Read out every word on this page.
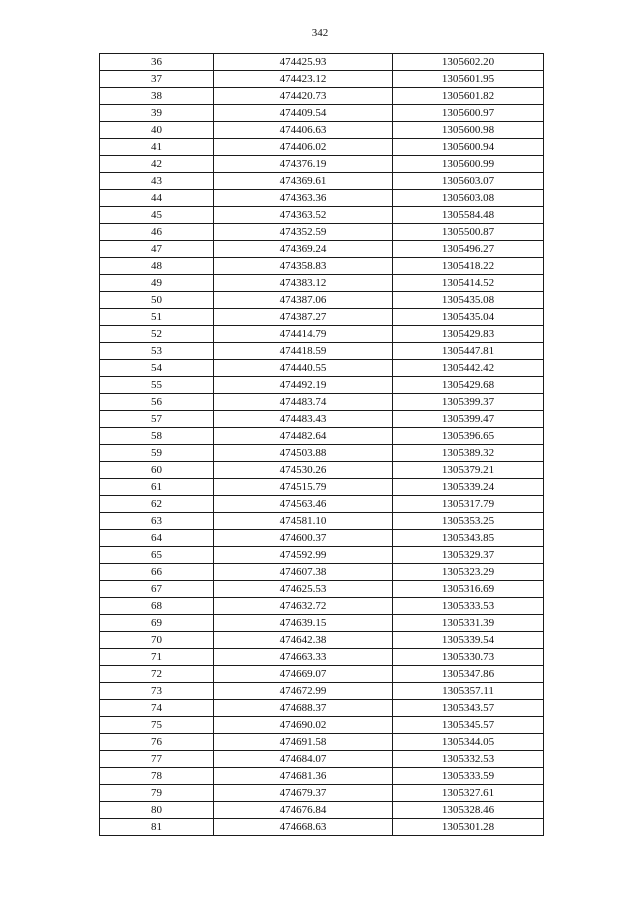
342
36	474425.93	1305602.20
37	474423.12	1305601.95
38	474420.73	1305601.82
39	474409.54	1305600.97
40	474406.63	1305600.98
41	474406.02	1305600.94
42	474376.19	1305600.99
43	474369.61	1305603.07
44	474363.36	1305603.08
45	474363.52	1305584.48
46	474352.59	1305500.87
47	474369.24	1305496.27
48	474358.83	1305418.22
49	474383.12	1305414.52
50	474387.06	1305435.08
51	474387.27	1305435.04
52	474414.79	1305429.83
53	474418.59	1305447.81
54	474440.55	1305442.42
55	474492.19	1305429.68
56	474483.74	1305399.37
57	474483.43	1305399.47
58	474482.64	1305396.65
59	474503.88	1305389.32
60	474530.26	1305379.21
61	474515.79	1305339.24
62	474563.46	1305317.79
63	474581.10	1305353.25
64	474600.37	1305343.85
65	474592.99	1305329.37
66	474607.38	1305323.29
67	474625.53	1305316.69
68	474632.72	1305333.53
69	474639.15	1305331.39
70	474642.38	1305339.54
71	474663.33	1305330.73
72	474669.07	1305347.86
73	474672.99	1305357.11
74	474688.37	1305343.57
75	474690.02	1305345.57
76	474691.58	1305344.05
77	474684.07	1305332.53
78	474681.36	1305333.59
79	474679.37	1305327.61
80	474676.84	1305328.46
81	474668.63	1305301.28
